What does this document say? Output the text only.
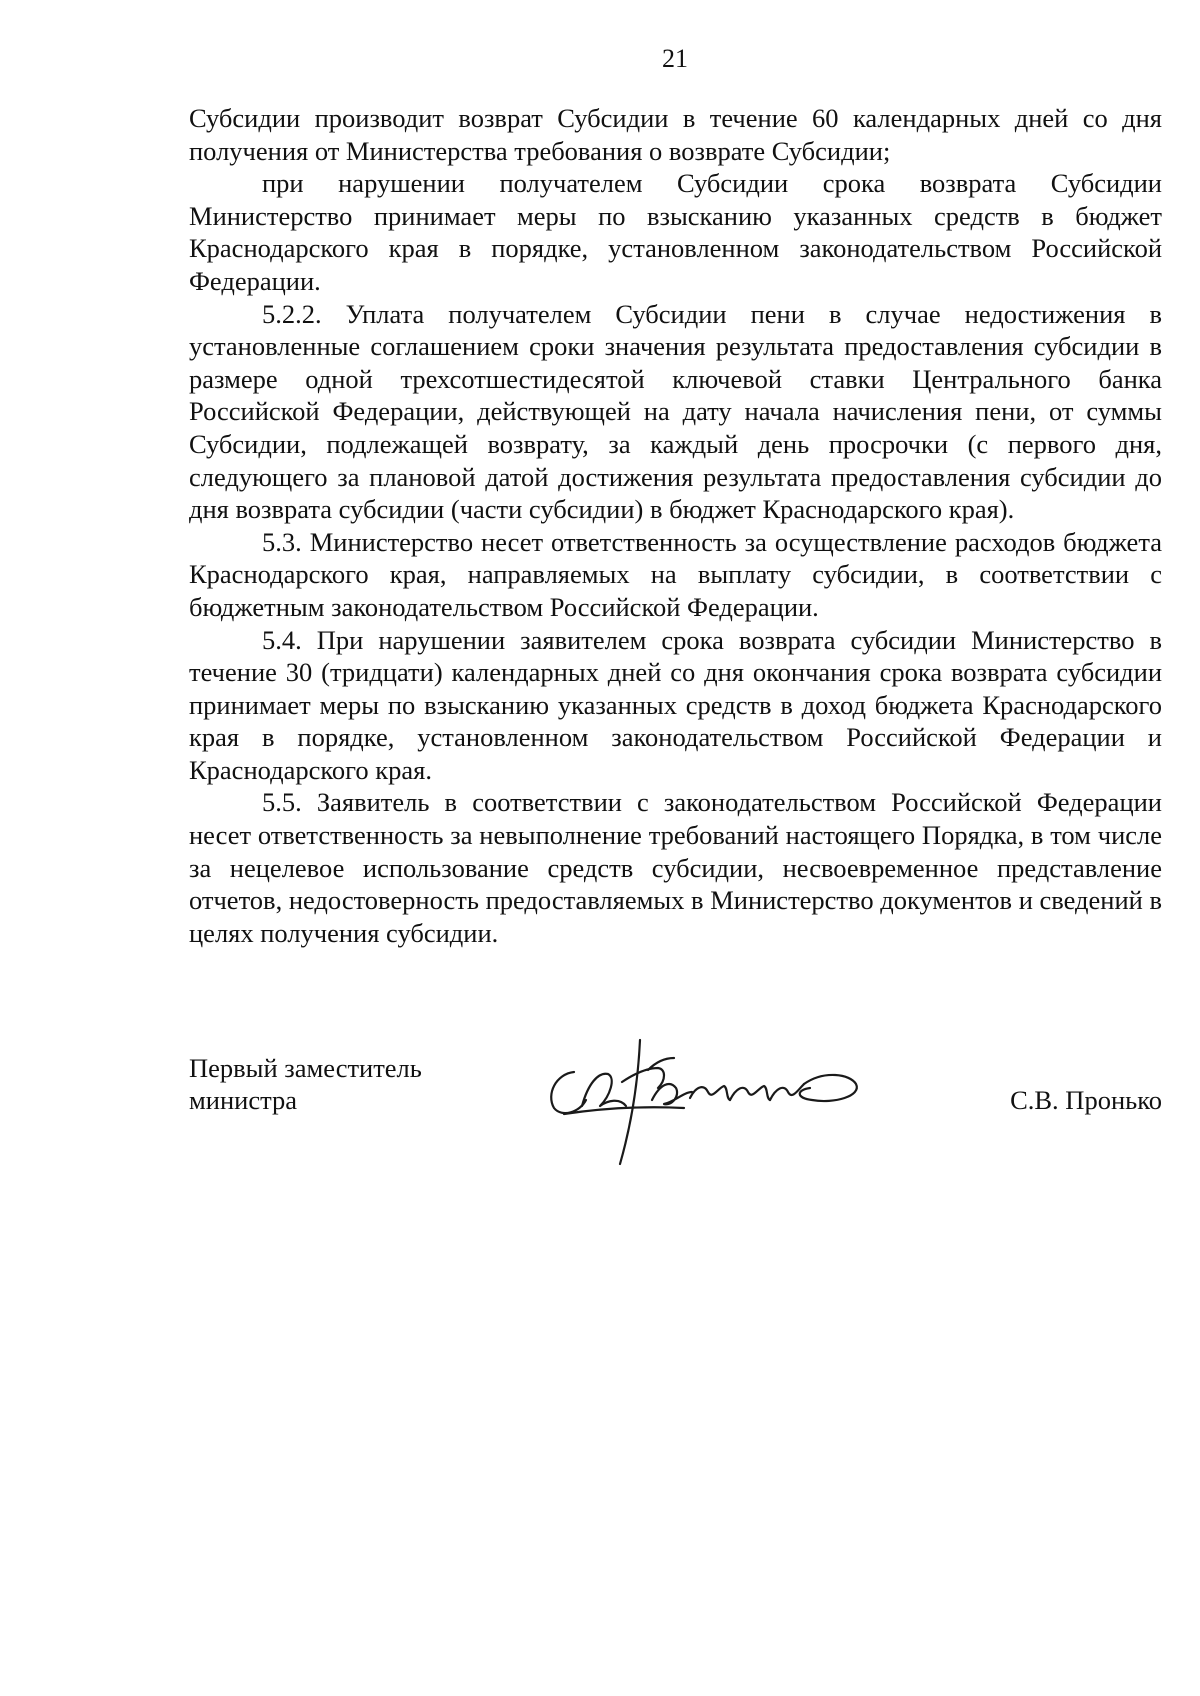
21

Субсидии производит возврат Субсидии в течение 60 календарных дней со дня получения от Министерства требования о возврате Субсидии;

при нарушении получателем Субсидии срока возврата Субсидии Министерство принимает меры по взысканию указанных средств в бюджет Краснодарского края в порядке, установленном законодательством Российской Федерации.

5.2.2. Уплата получателем Субсидии пени в случае недостижения в установленные соглашением сроки значения результата предоставления субсидии в размере одной трехсотшестидесятой ключевой ставки Центрального банка Российской Федерации, действующей на дату начала начисления пени, от суммы Субсидии, подлежащей возврату, за каждый день просрочки (с первого дня, следующего за плановой датой достижения результата предоставления субсидии до дня возврата субсидии (части субсидии) в бюджет Краснодарского края).

5.3. Министерство несет ответственность за осуществление расходов бюджета Краснодарского края, направляемых на выплату субсидии, в соответствии с бюджетным законодательством Российской Федерации.

5.4. При нарушении заявителем срока возврата субсидии Министерство в течение 30 (тридцати) календарных дней со дня окончания срока возврата субсидии принимает меры по взысканию указанных средств в доход бюджета Краснодарского края в порядке, установленном законодательством Российской Федерации и Краснодарского края.

5.5. Заявитель в соответствии с законодательством Российской Федерации несет ответственность за невыполнение требований настоящего Порядка, в том числе за нецелевое использование средств субсидии, несвоевременное представление отчетов, недостоверность предоставляемых в Министерство документов и сведений в целях получения субсидии.

Первый заместитель
министра	С.В. Пронько
